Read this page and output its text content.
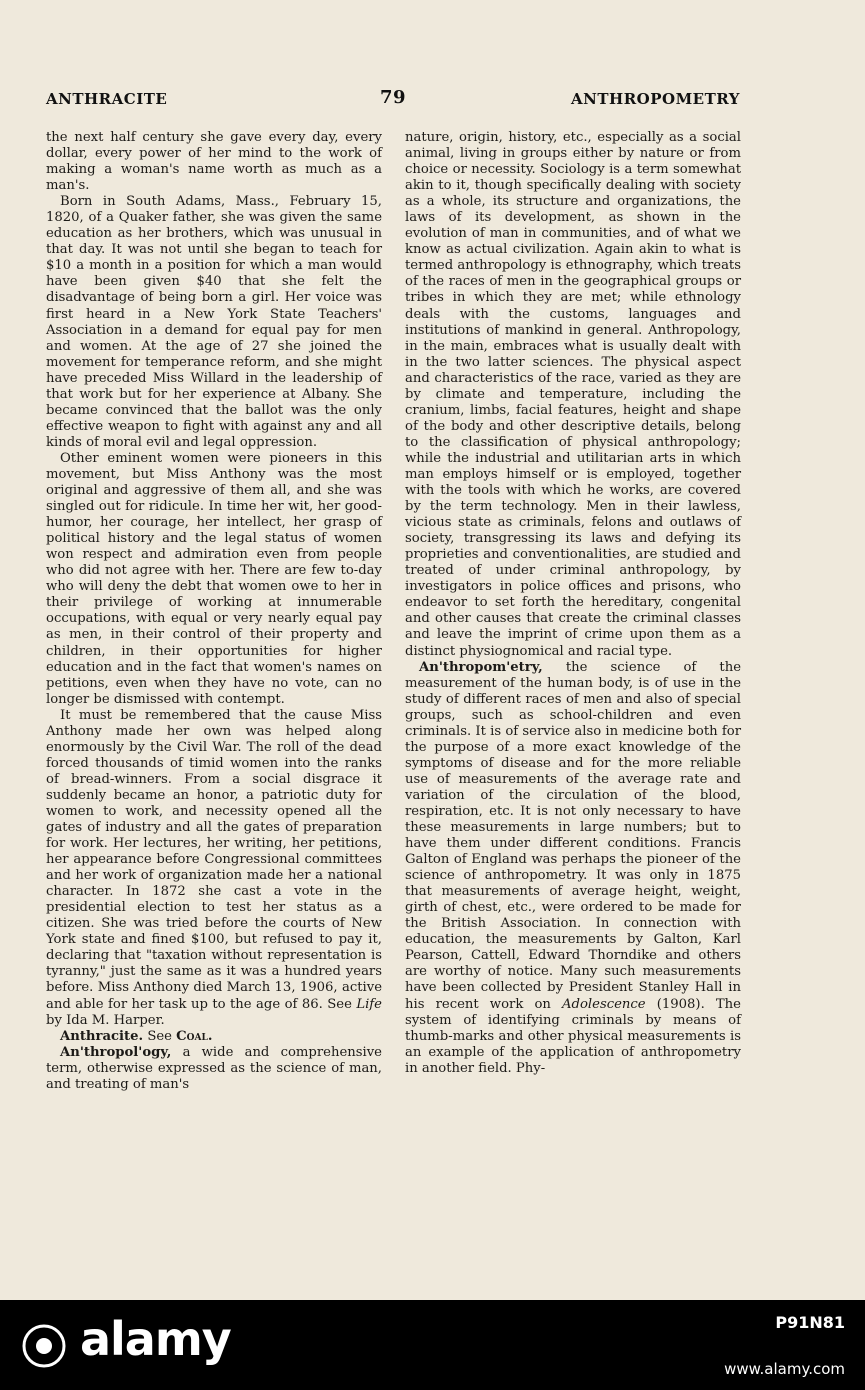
ANTHRACITE	79	ANTHROPOMETRY

the next half century she gave every day, every dollar, every power of her mind to the work of making a woman's name worth as much as a man's.

Born in South Adams, Mass., February 15, 1820, of a Quaker father, she was given the same education as her brothers, which was unusual in that day. It was not until she began to teach for $10 a month in a position for which a man would have been given $40 that she felt the disadvantage of being born a girl. Her voice was first heard in a New York State Teachers' Association in a demand for equal pay for men and women. At the age of 27 she joined the movement for temperance reform, and she might have preceded Miss Willard in the leadership of that work but for her experience at Albany. She became convinced that the ballot was the only effective weapon to fight with against any and all kinds of moral evil and legal oppression.

Other eminent women were pioneers in this movement, but Miss Anthony was the most original and aggressive of them all, and she was singled out for ridicule. In time her wit, her good-humor, her courage, her intellect, her grasp of political history and the legal status of women won respect and admiration even from people who did not agree with her. There are few to-day who will deny the debt that women owe to her in their privilege of working at innumerable occupations, with equal or very nearly equal pay as men, in their control of their property and children, in their opportunities for higher education and in the fact that women's names on petitions, even when they have no vote, can no longer be dismissed with contempt.

It must be remembered that the cause Miss Anthony made her own was helped along enormously by the Civil War. The roll of the dead forced thousands of timid women into the ranks of bread-winners. From a social disgrace it suddenly became an honor, a patriotic duty for women to work, and necessity opened all the gates of industry and all the gates of preparation for work. Her lectures, her writing, her petitions, her appearance before Congressional committees and her work of organization made her a national character. In 1872 she cast a vote in the presidential election to test her status as a citizen. She was tried before the courts of New York state and fined $100, but refused to pay it, declaring that "taxation without representation is tyranny," just the same as it was a hundred years before. Miss Anthony died March 13, 1906, active and able for her task up to the age of 86. See Life by Ida M. Harper.

Anthracite. See Coal.

An'thropol'ogy, a wide and comprehensive term, otherwise expressed as the science of man, and treating of man's

nature, origin, history, etc., especially as a social animal, living in groups either by nature or from choice or necessity. Sociology is a term somewhat akin to it, though specifically dealing with society as a whole, its structure and organizations, the laws of its development, as shown in the evolution of man in communities, and of what we know as actual civilization. Again akin to what is termed anthropology is ethnography, which treats of the races of men in the geographical groups or tribes in which they are met; while ethnology deals with the customs, languages and institutions of mankind in general. Anthropology, in the main, embraces what is usually dealt with in the two latter sciences. The physical aspect and characteristics of the race, varied as they are by climate and temperature, including the cranium, limbs, facial features, height and shape of the body and other descriptive details, belong to the classification of physical anthropology; while the industrial and utilitarian arts in which man employs himself or is employed, together with the tools with which he works, are covered by the term technology. Men in their lawless, vicious state as criminals, felons and outlaws of society, transgressing its laws and defying its proprieties and conventionalities, are studied and treated of under criminal anthropology, by investigators in police offices and prisons, who endeavor to set forth the hereditary, congenital and other causes that create the criminal classes and leave the imprint of crime upon them as a distinct physiognomical and racial type.

An'thropom'etry, the science of the measurement of the human body, is of use in the study of different races of men and also of special groups, such as school-children and even criminals. It is of service also in medicine both for the purpose of a more exact knowledge of the symptoms of disease and for the more reliable use of measurements of the average rate and variation of the circulation of the blood, respiration, etc. It is not only necessary to have these measurements in large numbers; but to have them under different conditions. Francis Galton of England was perhaps the pioneer of the science of anthropometry. It was only in 1875 that measurements of average height, weight, girth of chest, etc., were ordered to be made for the British Association. In connection with education, the measurements by Galton, Karl Pearson, Cattell, Edward Thorndike and others are worthy of notice. Many such measurements have been collected by President Stanley Hall in his recent work on Adolescence (1908). The system of identifying criminals by means of thumb-marks and other physical measurements is an example of the application of anthropometry in another field. Phy-

alamy	P91N81
www.alamy.com
